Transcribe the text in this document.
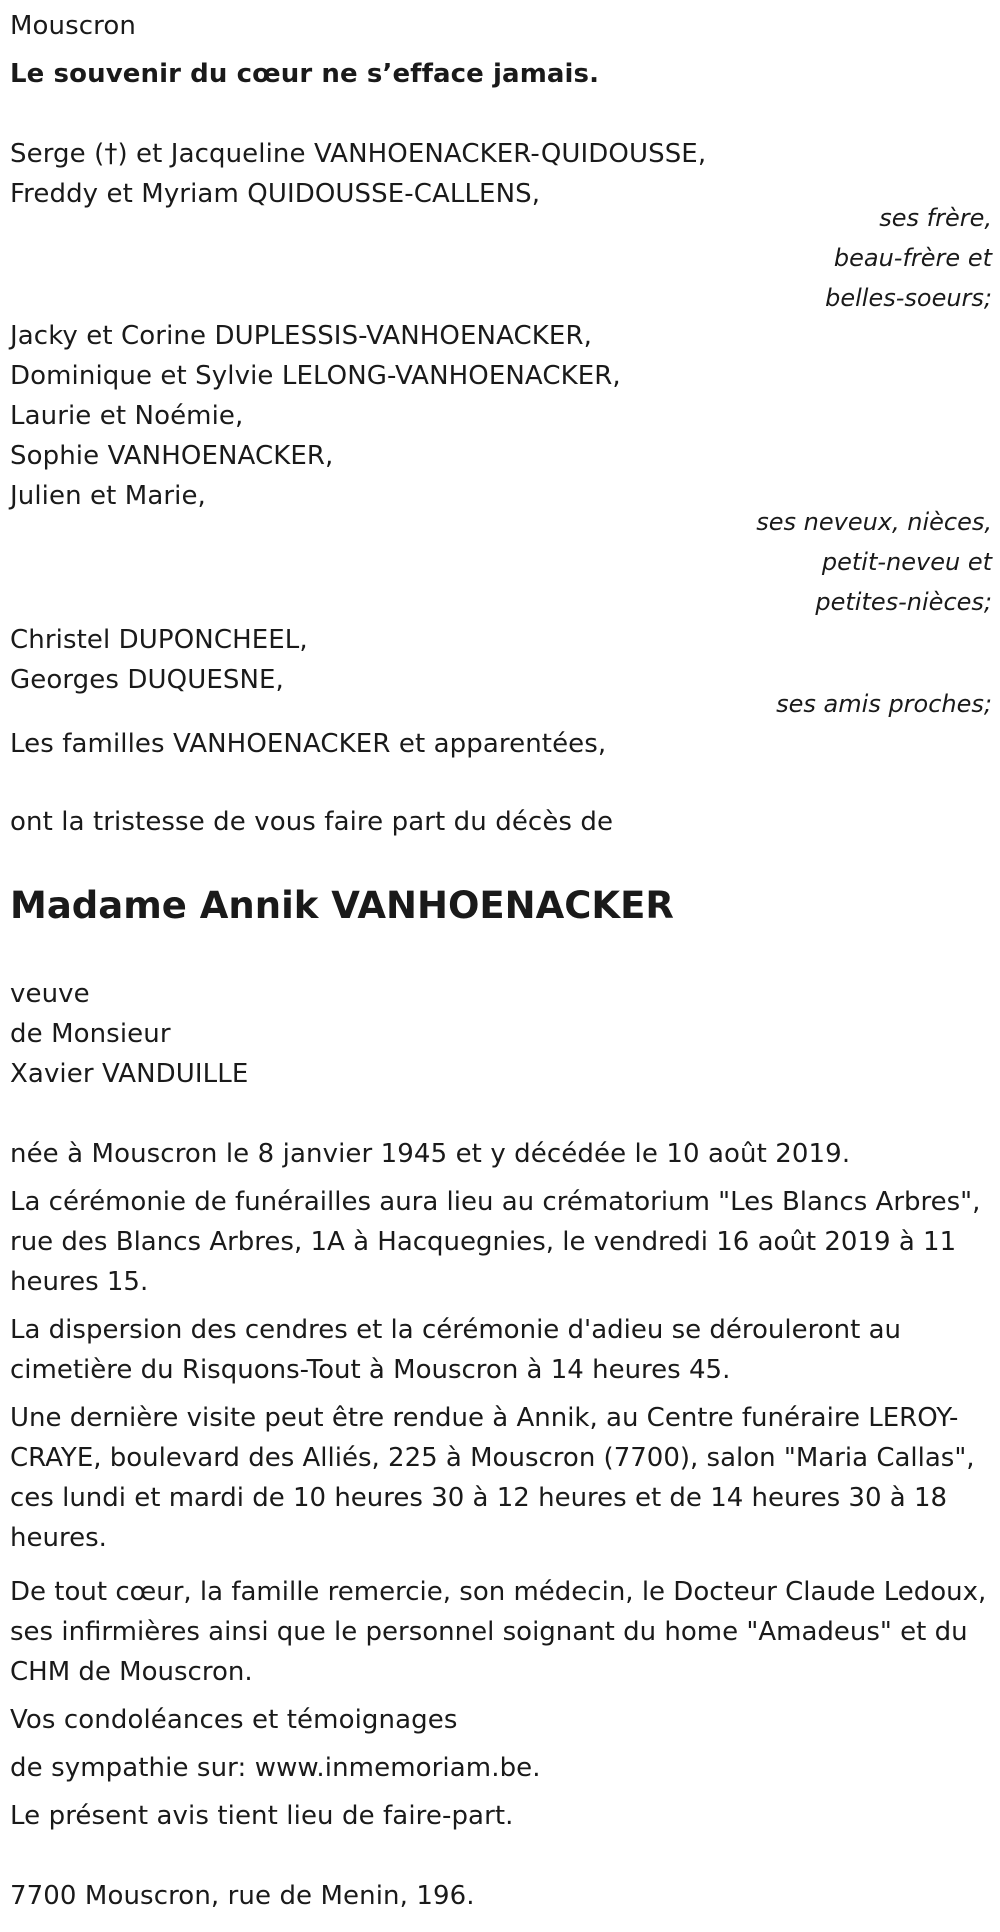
Mouscron
Le souvenir du cœur ne s’efface jamais.
Serge (†) et Jacqueline VANHOENACKER-QUIDOUSSE,
Freddy et Myriam QUIDOUSSE-CALLENS,
ses frère,
beau-frère et
belles-soeurs;
Jacky et Corine DUPLESSIS-VANHOENACKER,
Dominique et Sylvie LELONG-VANHOENACKER,
Laurie et Noémie,
Sophie VANHOENACKER,
Julien et Marie,
ses neveux, nièces,
petit-neveu et
petites-nièces;
Christel DUPONCHEEL,
Georges DUQUESNE,
ses amis proches;
Les familles VANHOENACKER et apparentées,
ont la tristesse de vous faire part du décès de
Madame Annik VANHOENACKER
veuve
de Monsieur
Xavier VANDUILLE
née à Mouscron le 8 janvier 1945 et y décédée le 10 août 2019.
La cérémonie de funérailles aura lieu au crématorium "Les Blancs Arbres", rue des Blancs Arbres, 1A à Hacquegnies, le vendredi 16 août 2019 à 11 heures 15.
La dispersion des cendres et la cérémonie d'adieu se dérouleront au cimetière du Risquons-Tout à Mouscron à 14 heures 45.
Une dernière visite peut être rendue à Annik, au Centre funéraire LEROY-CRAYE, boulevard des Alliés, 225 à Mouscron (7700), salon "Maria Callas", ces lundi et mardi de 10 heures 30 à 12 heures et de 14 heures 30 à 18 heures.
De tout cœur, la famille remercie, son médecin, le Docteur Claude Ledoux, ses infirmières ainsi que le personnel soignant du home "Amadeus" et du CHM de Mouscron.
Vos condoléances et témoignages
de sympathie sur: www.inmemoriam.be.
Le présent avis tient lieu de faire-part.
7700 Mouscron, rue de Menin, 196.
